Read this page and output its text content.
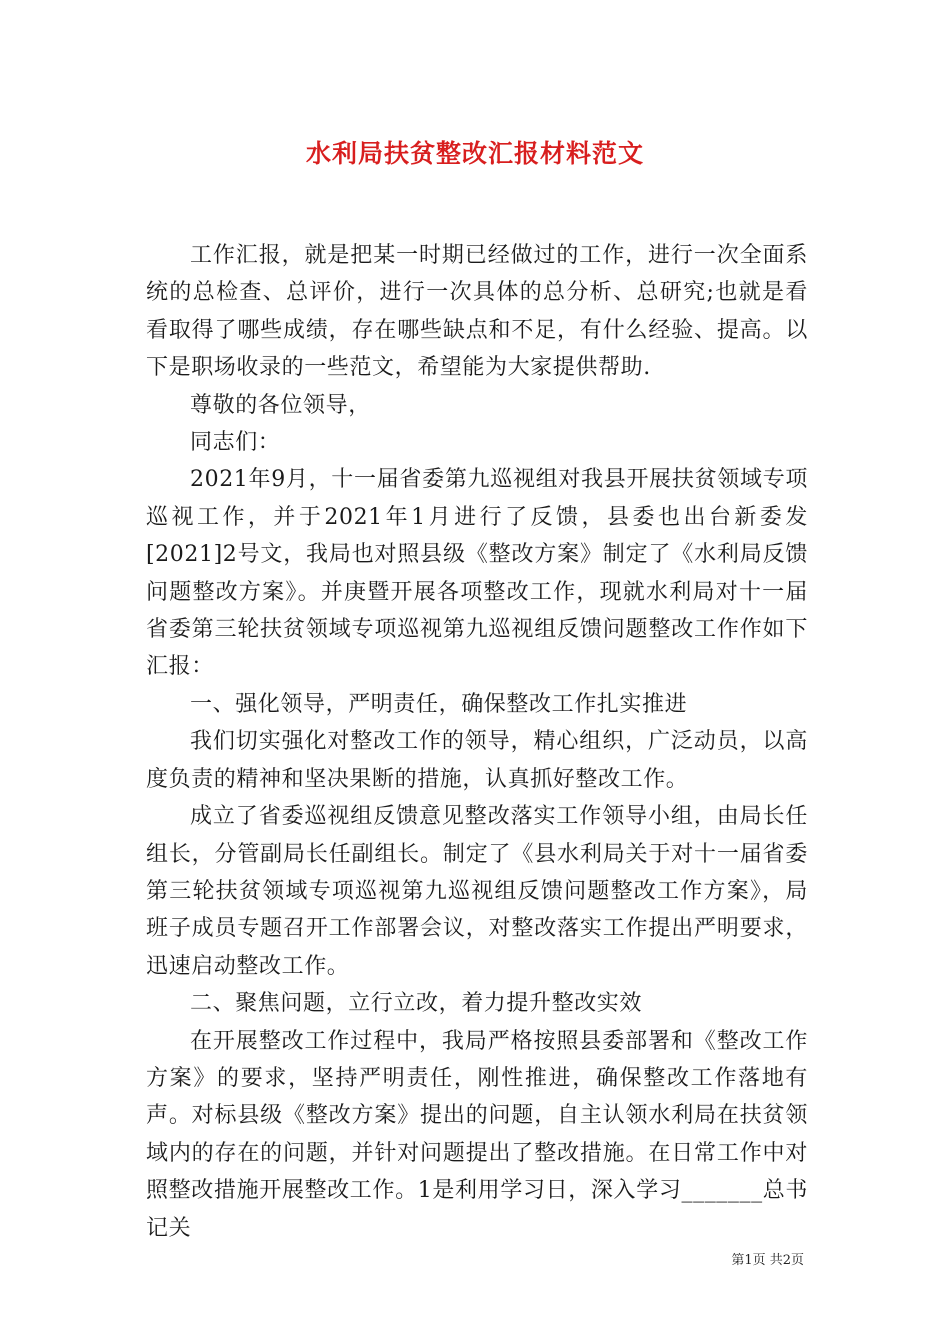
水利局扶贫整改汇报材料范文

工作汇报，就是把某一时期已经做过的工作，进行一次全面系统的总检查、总评价，进行一次具体的总分析、总研究;也就是看看取得了哪些成绩，存在哪些缺点和不足，有什么经验、提高。以下是职场收录的一些范文，希望能为大家提供帮助.

尊敬的各位领导，

同志们：

2021年9月，十一届省委第九巡视组对我县开展扶贫领域专项巡视工作，并于2021年1月进行了反馈，县委也出台新委发[2021]2号文，我局也对照县级《整改方案》制定了《水利局反馈问题整改方案》。并庚暨开展各项整改工作，现就水利局对十一届省委第三轮扶贫领域专项巡视第九巡视组反馈问题整改工作作如下汇报：

一、强化领导，严明责任，确保整改工作扎实推进

我们切实强化对整改工作的领导，精心组织，广泛动员，以高度负责的精神和坚决果断的措施，认真抓好整改工作。

成立了省委巡视组反馈意见整改落实工作领导小组，由局长任组长，分管副局长任副组长。制定了《县水利局关于对十一届省委第三轮扶贫领域专项巡视第九巡视组反馈问题整改工作方案》，局班子成员专题召开工作部署会议，对整改落实工作提出严明要求，迅速启动整改工作。

二、聚焦问题，立行立改，着力提升整改实效

在开展整改工作过程中，我局严格按照县委部署和《整改工作方案》的要求，坚持严明责任，刚性推进，确保整改工作落地有声。对标县级《整改方案》提出的问题，自主认领水利局在扶贫领域内的存在的问题，并针对问题提出了整改措施。在日常工作中对照整改措施开展整改工作。1是利用学习日，深入学习_______总书记关

第1页 共2页
